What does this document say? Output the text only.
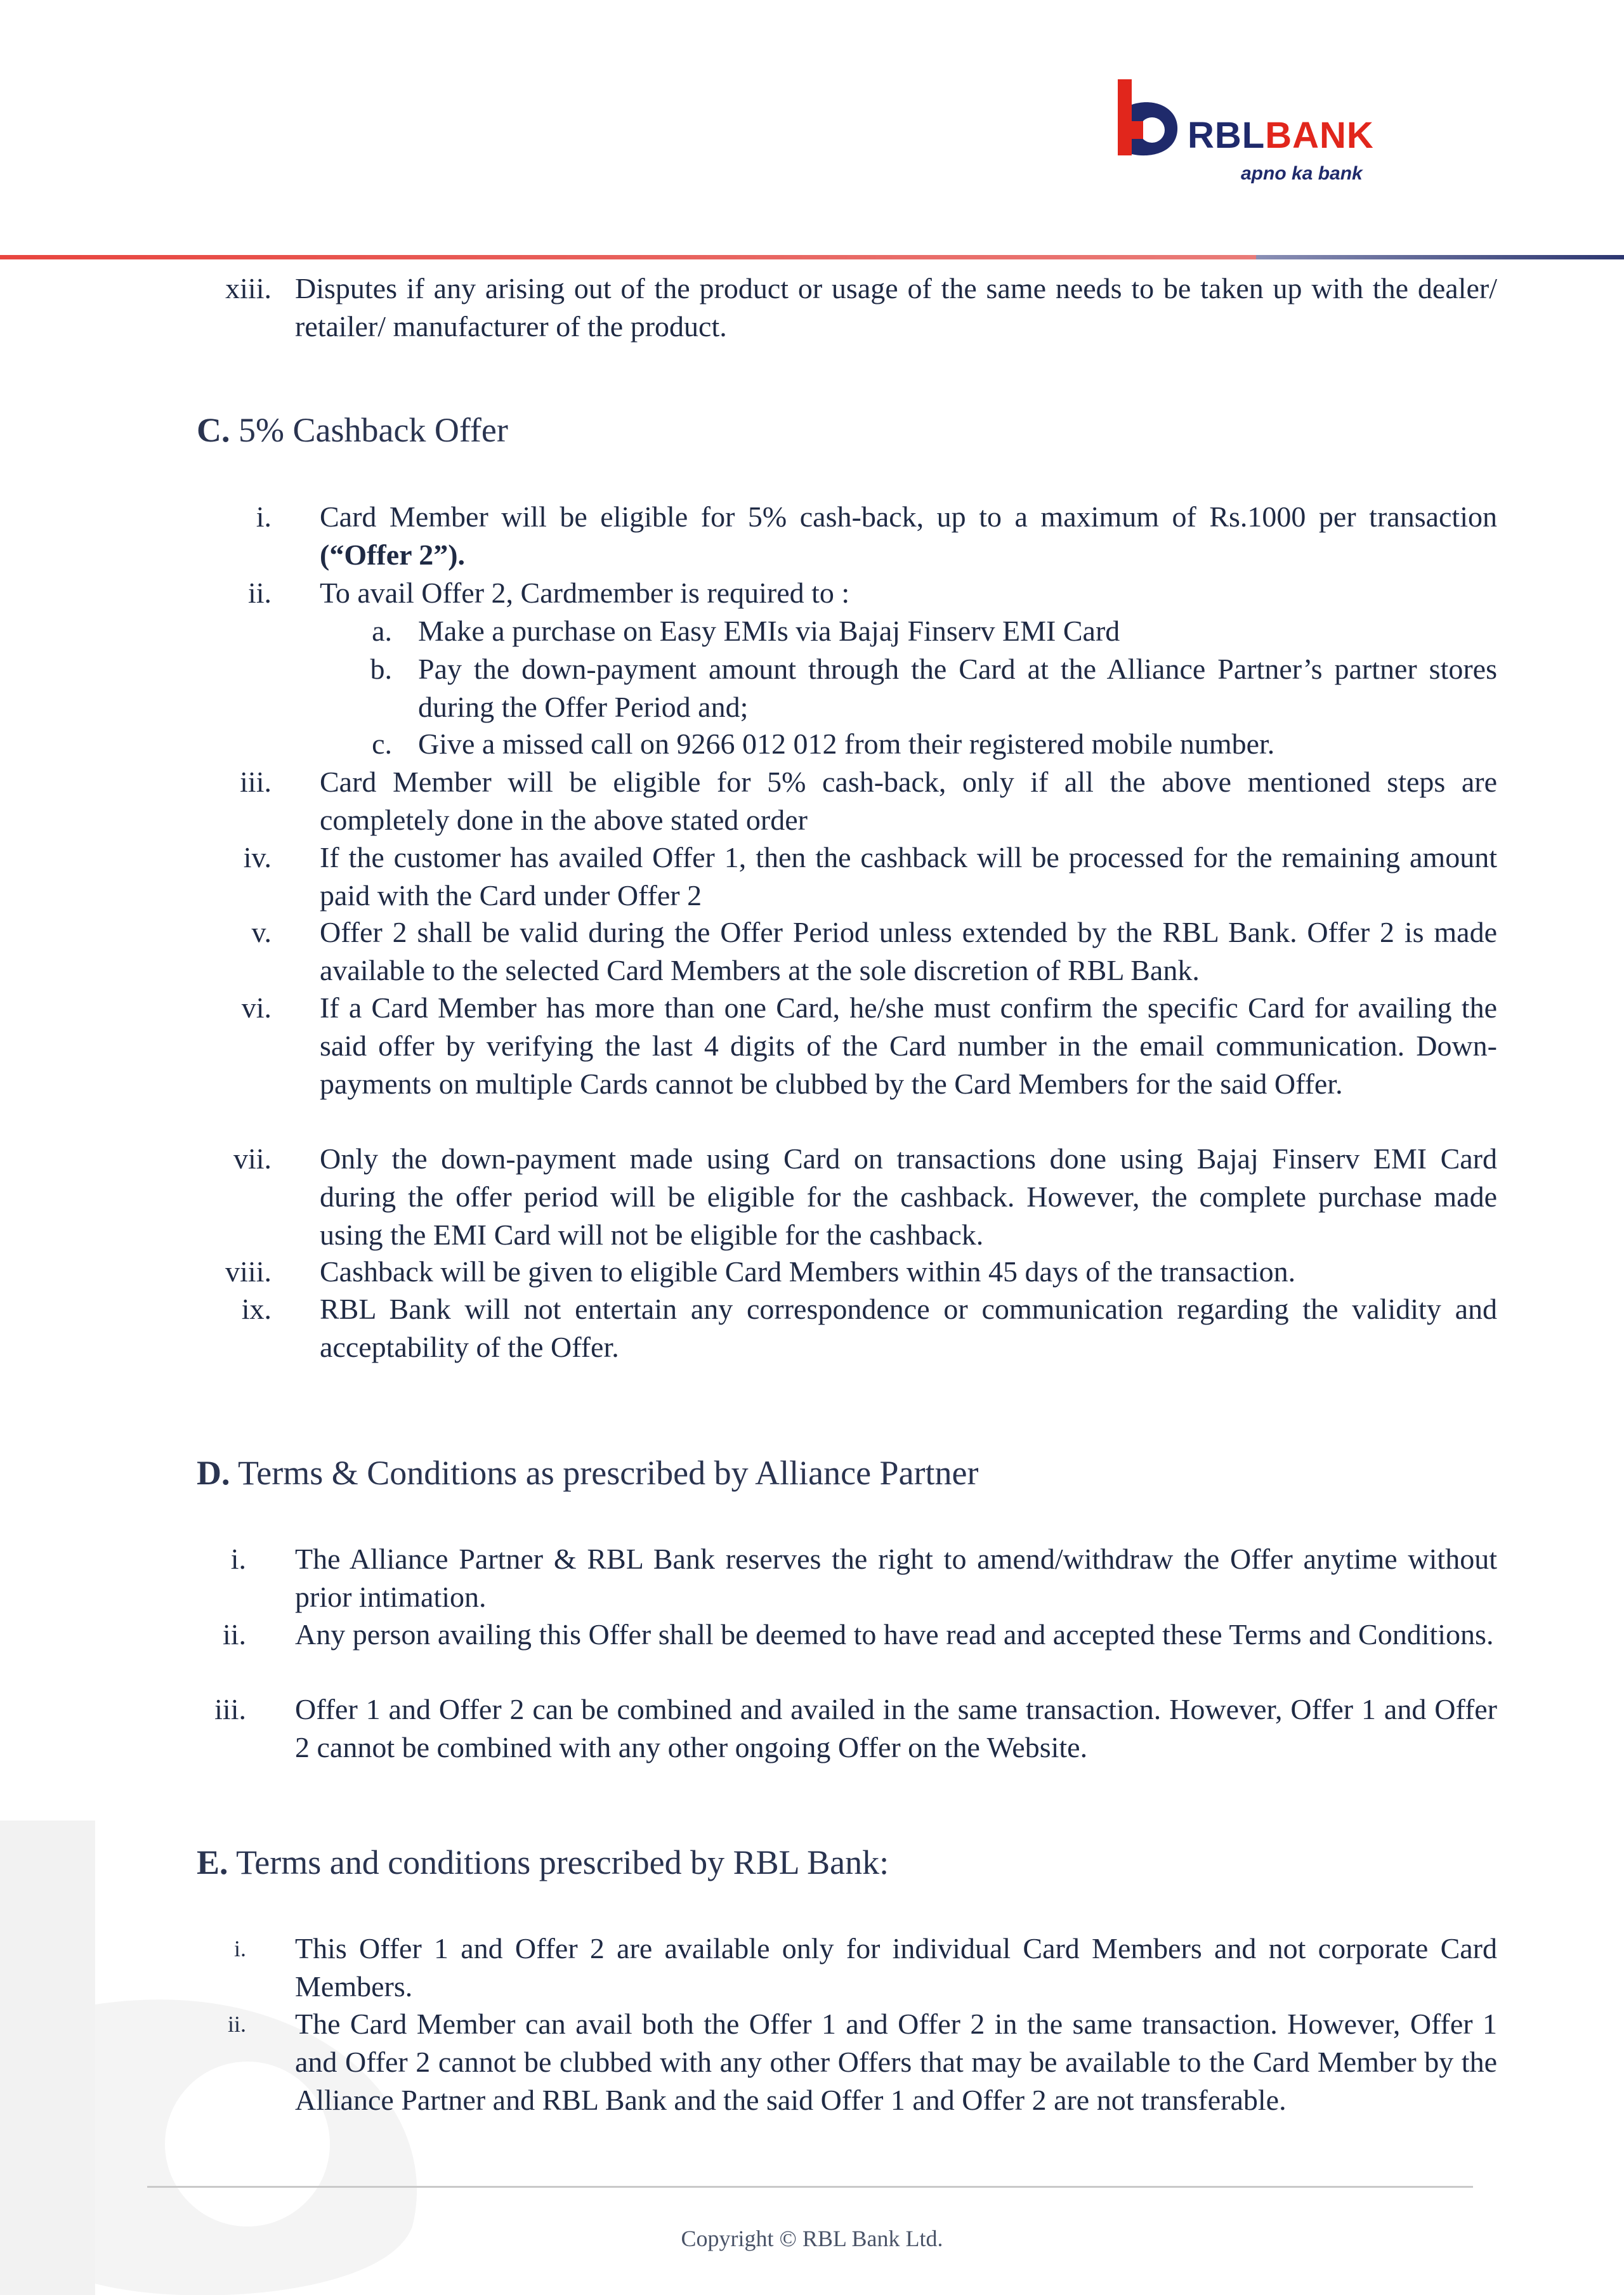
RBLBANK
apno ka bank
xiii. Disputes if any arising out of the product or usage of the same needs to be taken up with the dealer/ retailer/ manufacturer of the product.
C. 5% Cashback Offer
i. Card Member will be eligible for 5% cash-back, up to a maximum of Rs.1000 per transaction (“Offer 2”).
ii. To avail Offer 2, Cardmember is required to :
a. Make a purchase on Easy EMIs via Bajaj Finserv EMI Card
b. Pay the down-payment amount through the Card at the Alliance Partner’s partner stores during the Offer Period and;
c. Give a missed call on 9266 012 012 from their registered mobile number.
iii. Card Member will be eligible for 5% cash-back, only if all the above mentioned steps are completely done in the above stated order
iv. If the customer has availed Offer 1, then the cashback will be processed for the remaining amount paid with the Card under Offer 2
v. Offer 2 shall be valid during the Offer Period unless extended by the RBL Bank. Offer 2 is made available to the selected Card Members at the sole discretion of RBL Bank.
vi. If a Card Member has more than one Card, he/she must confirm the specific Card for availing the said offer by verifying the last 4 digits of the Card number in the email communication. Down-payments on multiple Cards cannot be clubbed by the Card Members for the said Offer.
vii. Only the down-payment made using Card on transactions done using Bajaj Finserv EMI Card during the offer period will be eligible for the cashback. However, the complete purchase made using the EMI Card will not be eligible for the cashback.
viii. Cashback will be given to eligible Card Members within 45 days of the transaction.
ix. RBL Bank will not entertain any correspondence or communication regarding the validity and acceptability of the Offer.
D. Terms & Conditions as prescribed by Alliance Partner
i. The Alliance Partner & RBL Bank reserves the right to amend/withdraw the Offer anytime without prior intimation.
ii. Any person availing this Offer shall be deemed to have read and accepted these Terms and Conditions.
iii. Offer 1 and Offer 2 can be combined and availed in the same transaction. However, Offer 1 and Offer 2 cannot be combined with any other ongoing Offer on the Website.
E. Terms and conditions prescribed by RBL Bank:
i. This Offer 1 and Offer 2 are available only for individual Card Members and not corporate Card Members.
ii. The Card Member can avail both the Offer 1 and Offer 2 in the same transaction. However, Offer 1 and Offer 2 cannot be clubbed with any other Offers that may be available to the Card Member by the Alliance Partner and RBL Bank and the said Offer 1 and Offer 2 are not transferable.
Copyright © RBL Bank Ltd.
